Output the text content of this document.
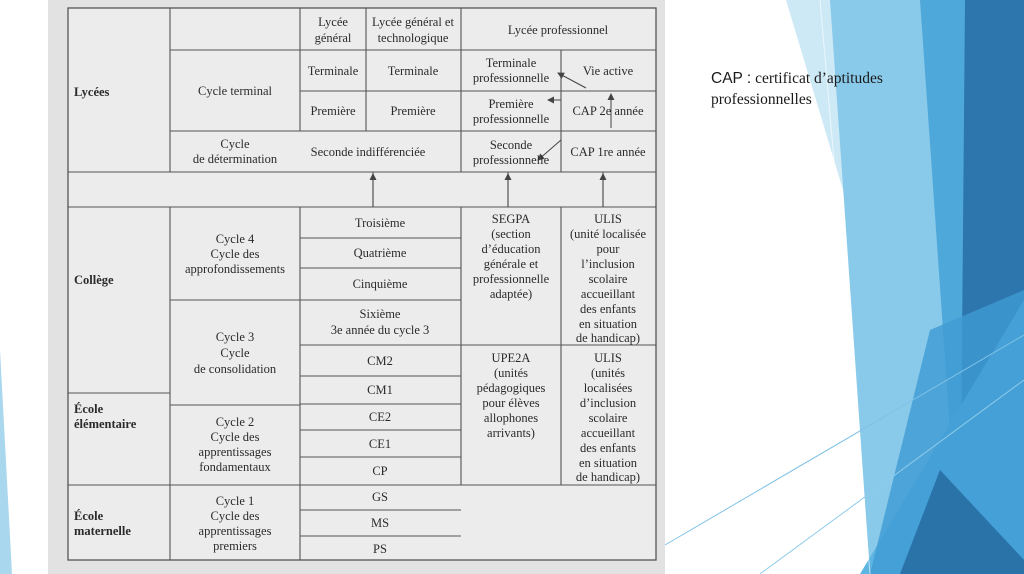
Lycée
général
Lycée général et
technologique
Lycée professionnel
Lycées
Collège
École
élémentaire
École
maternelle
Cycle terminal
Cycle
de détermination
Cycle 4
Cycle des
approfondissements
Cycle 3
Cycle
de consolidation
Cycle 2
Cycle des
apprentissages
fondamentaux
Cycle 1
Cycle des
apprentissages
premiers
Terminale Terminale
Première	Première
Seconde indifférenciée
Terminale
professionnelle
Première
professionnelle
Seconde
professionnelle
Vie active
CAP 2e année
CAP 1re année
Troisième
Quatrième
Cinquième
Sixième
3e année du cycle 3
CM2
CM1
CE2
CE1
CP
GS
MS
PS
SEGPA
(section
d’éducation
générale et
professionnelle
adaptée)
ULIS
(unité localisée
pour
l’inclusion
scolaire
accueillant
des enfants
en situation
de handicap)
UPE2A
(unités
pédagogiques
pour élèves
allophones
arrivants)
ULIS
(unités
localisées
d’inclusion
scolaire
accueillant
des enfants
en situation
de handicap)
CAP : certificat d’aptitudes
professionnelles
